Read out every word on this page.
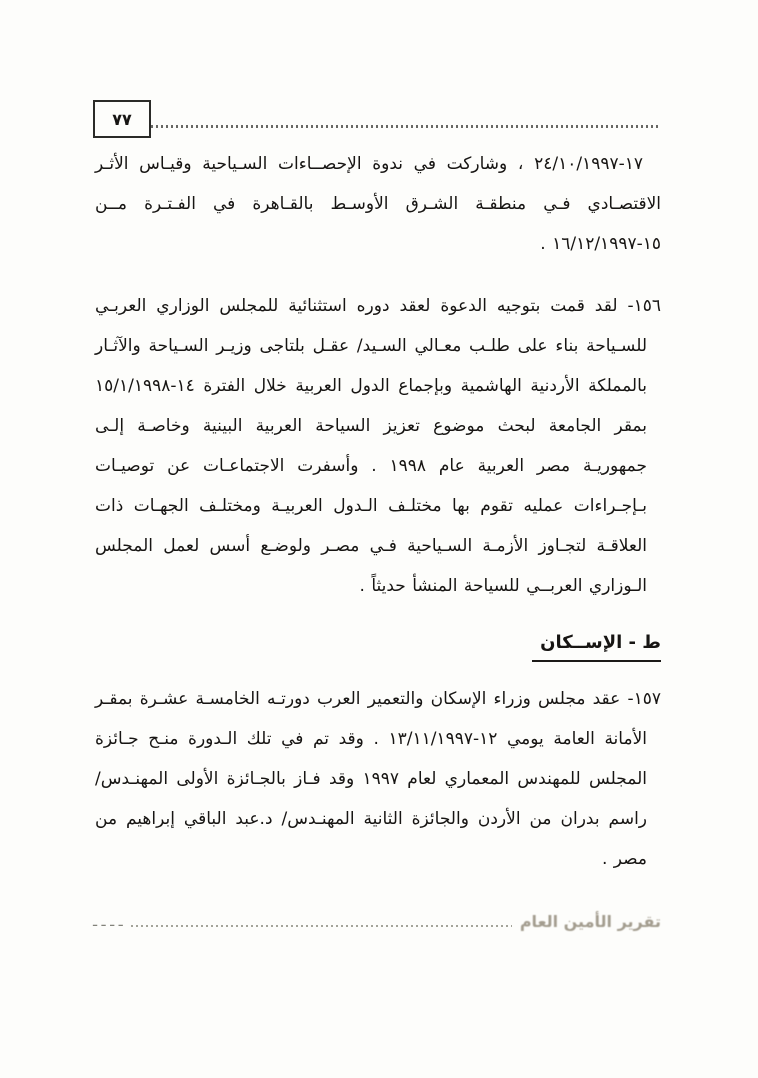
٧٧

١٧-٢٤/١٠/١٩٩٧ ، وشاركت في ندوة الإحصــاءات السـياحية وقيـاس الأثـر الاقتصـادي فـي منطقـة الشـرق الأوسـط بالقـاهرة في الفـتـرة مــن ١٥-١٦/١٢/١٩٩٧ .

١٥٦- لقد قمت بتوجيه الدعوة لعقد دوره استثنائية للمجلس الوزاري العربـي للسـياحة بناء على طلـب معـالي السـيد/ عقـل بلتاجى وزيـر السـياحة والآثـار بالمملكة الأردنية الهاشمية وبإجماع الدول العربية خلال الفترة ١٤-١٥/١/١٩٩٨ بمقر الجامعة لبحث موضوع تعزيز السياحة العربية البينية وخاصـة إلـى جمهوريـة مصر العربية عام ١٩٩٨ . وأسفرت الاجتماعـات عن توصيـات بـإجـراءات عمليه تقوم بها مختلـف الـدول العربيـة ومختلـف الجهـات ذات العلاقـة لتجـاوز الأزمـة السـياحية فـي مصـر ولوضـع أسس لعمل المجلس الـوزاري العربــي للسياحة المنشأ حديثاً .

ط - الإســكان

١٥٧- عقد مجلس وزراء الإسكان والتعمير العرب دورتـه الخامسـة عشـرة بمقـر الأمانة العامة يومي ١٢-١٣/١١/١٩٩٧ . وقد تم في تلك الـدورة منـح جـائزة المجلس للمهندس المعماري لعام ١٩٩٧ وقد فـاز بالجـائزة الأولى المهنـدس/ راسم بدران من الأردن والجائزة الثانية المهنـدس/ د.عبد الباقي إبراهيم من مصر .

تقرير الأمين العام
ـ ـ ـ ـ
